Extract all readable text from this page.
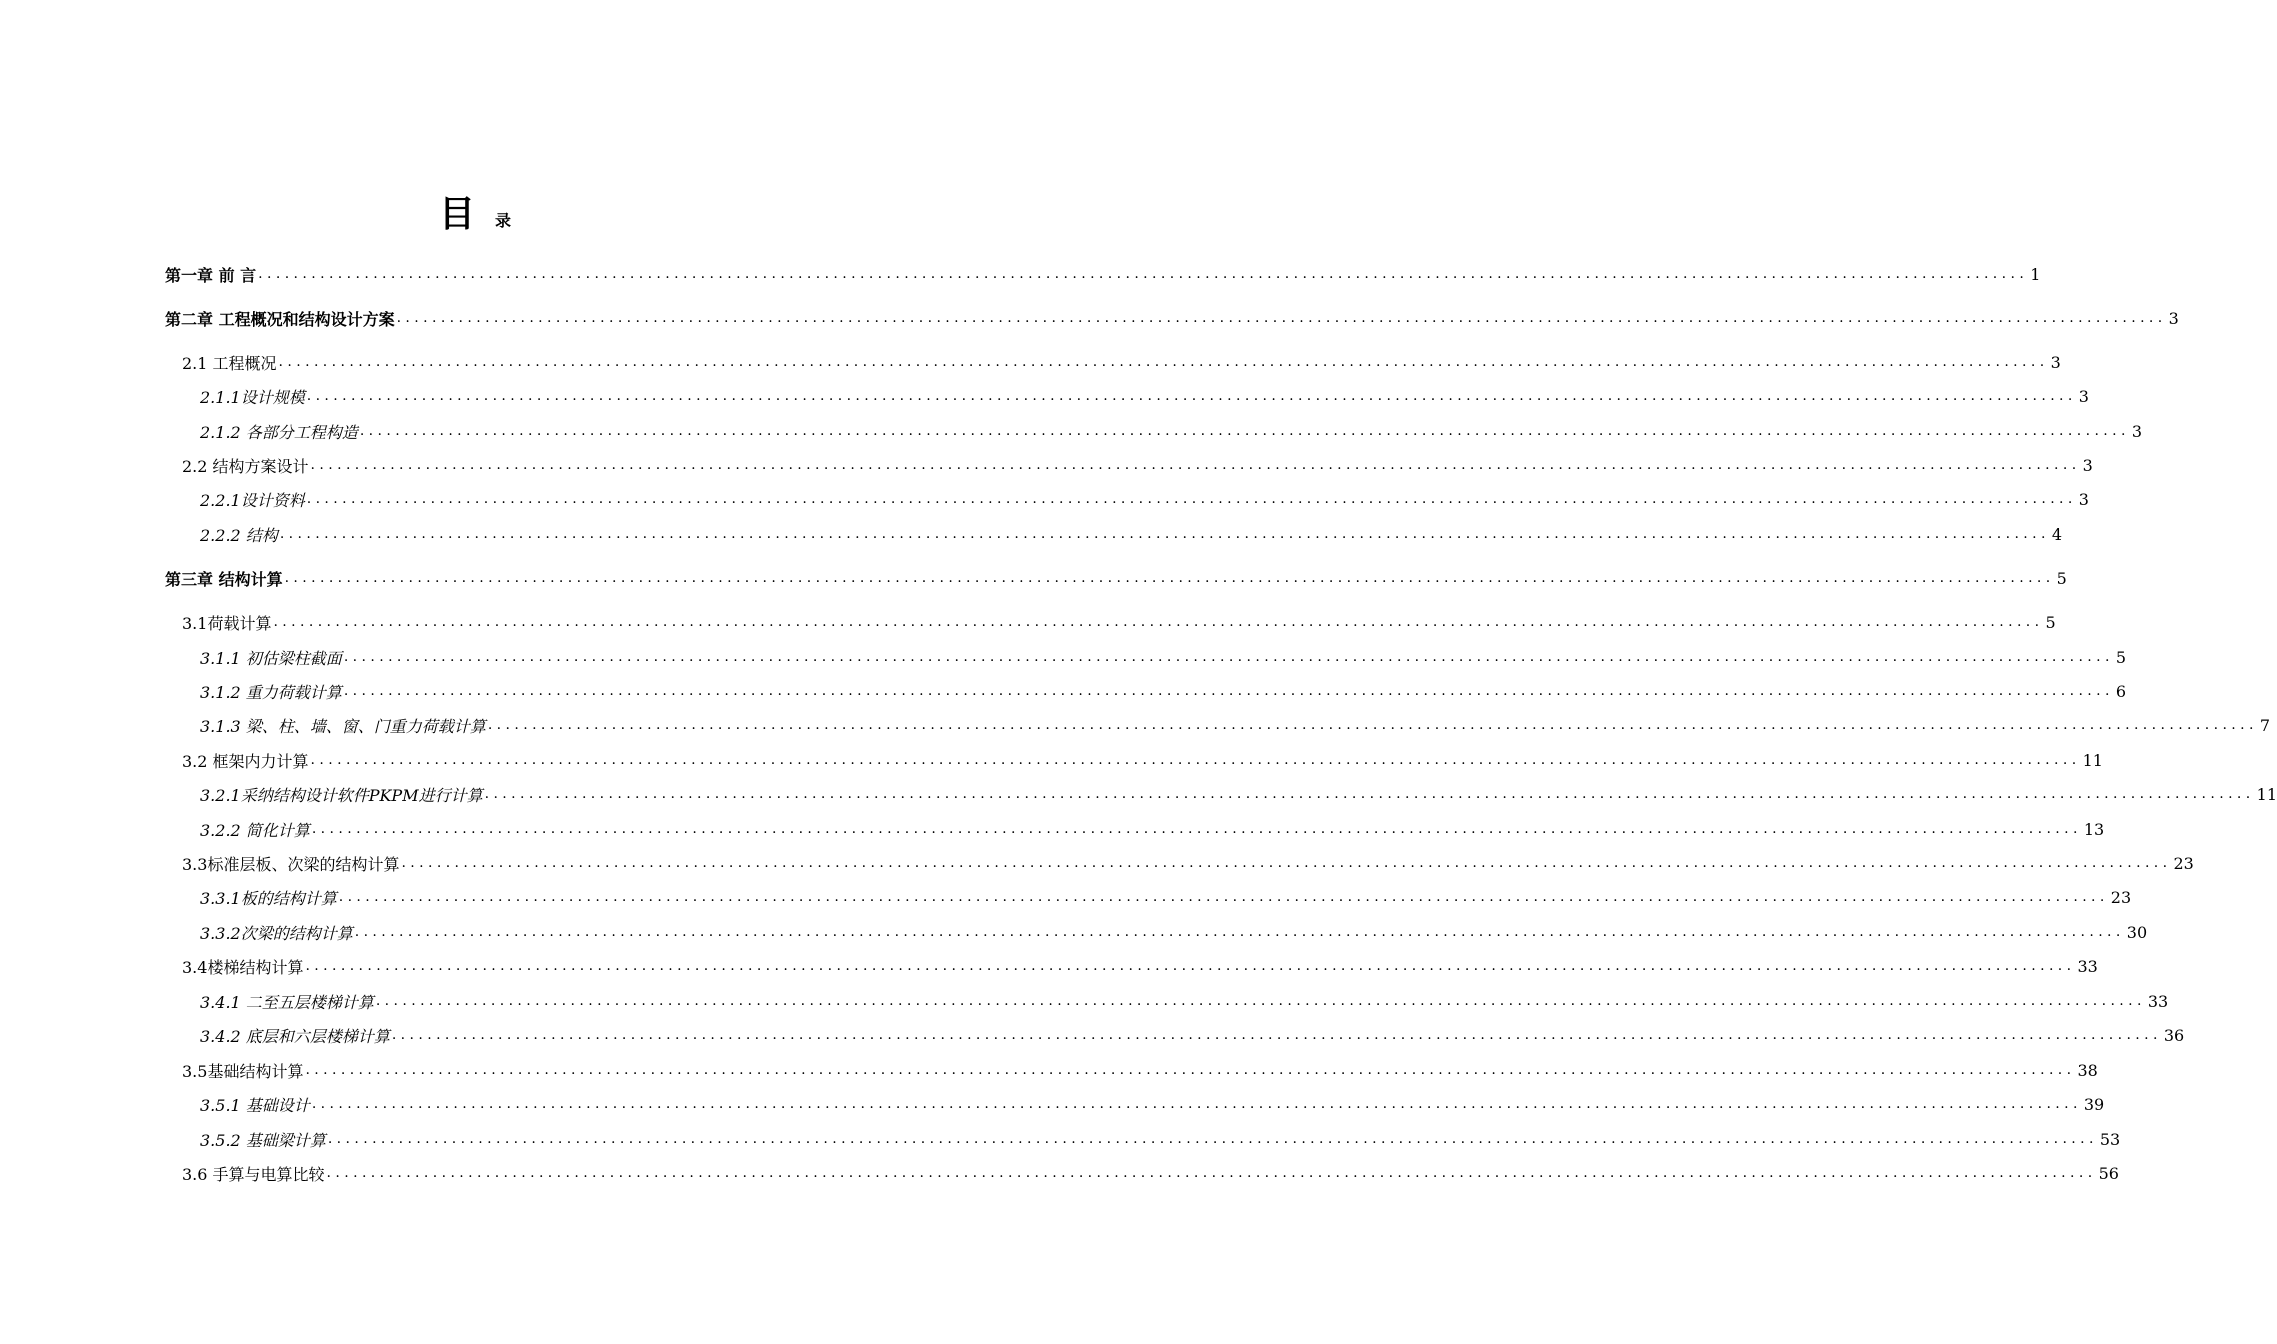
目 录
第一章 前 言 ........................................................................................................................................................................................................ 1
第二章 工程概况和结构设计方案 ........................................................................................................................................................................................................ 3
2.1 工程概况 ........................................................................................................................................................................................................ 3
2.1.1设计规模 ........................................................................................................................................................................................................ 3
2.1.2 各部分工程构造 ........................................................................................................................................................................................................ 3
2.2 结构方案设计 ........................................................................................................................................................................................................ 3
2.2.1设计资料 ........................................................................................................................................................................................................ 3
2.2.2 结构 ........................................................................................................................................................................................................ 4
第三章 结构计算 ........................................................................................................................................................................................................ 5
3.1荷载计算 ........................................................................................................................................................................................................ 5
3.1.1 初估梁柱截面 ........................................................................................................................................................................................................ 5
3.1.2 重力荷载计算 ........................................................................................................................................................................................................ 6
3.1.3 梁、柱、墙、窗、门重力荷载计算 ........................................................................................................................................................................................................ 7
3.2 框架内力计算 ........................................................................................................................................................................................................ 11
3.2.1采纳结构设计软件PKPM进行计算 ........................................................................................................................................................................................................ 11
3.2.2 简化计算 ........................................................................................................................................................................................................ 13
3.3标准层板、次梁的结构计算 ........................................................................................................................................................................................................ 23
3.3.1板的结构计算 ........................................................................................................................................................................................................ 23
3.3.2次梁的结构计算 ........................................................................................................................................................................................................ 30
3.4楼梯结构计算 ........................................................................................................................................................................................................ 33
3.4.1 二至五层楼梯计算 ........................................................................................................................................................................................................ 33
3.4.2 底层和六层楼梯计算 ........................................................................................................................................................................................................ 36
3.5基础结构计算 ........................................................................................................................................................................................................ 38
3.5.1 基础设计 ........................................................................................................................................................................................................ 39
3.5.2 基础梁计算 ........................................................................................................................................................................................................ 53
3.6 手算与电算比较 ........................................................................................................................................................................................................ 56
